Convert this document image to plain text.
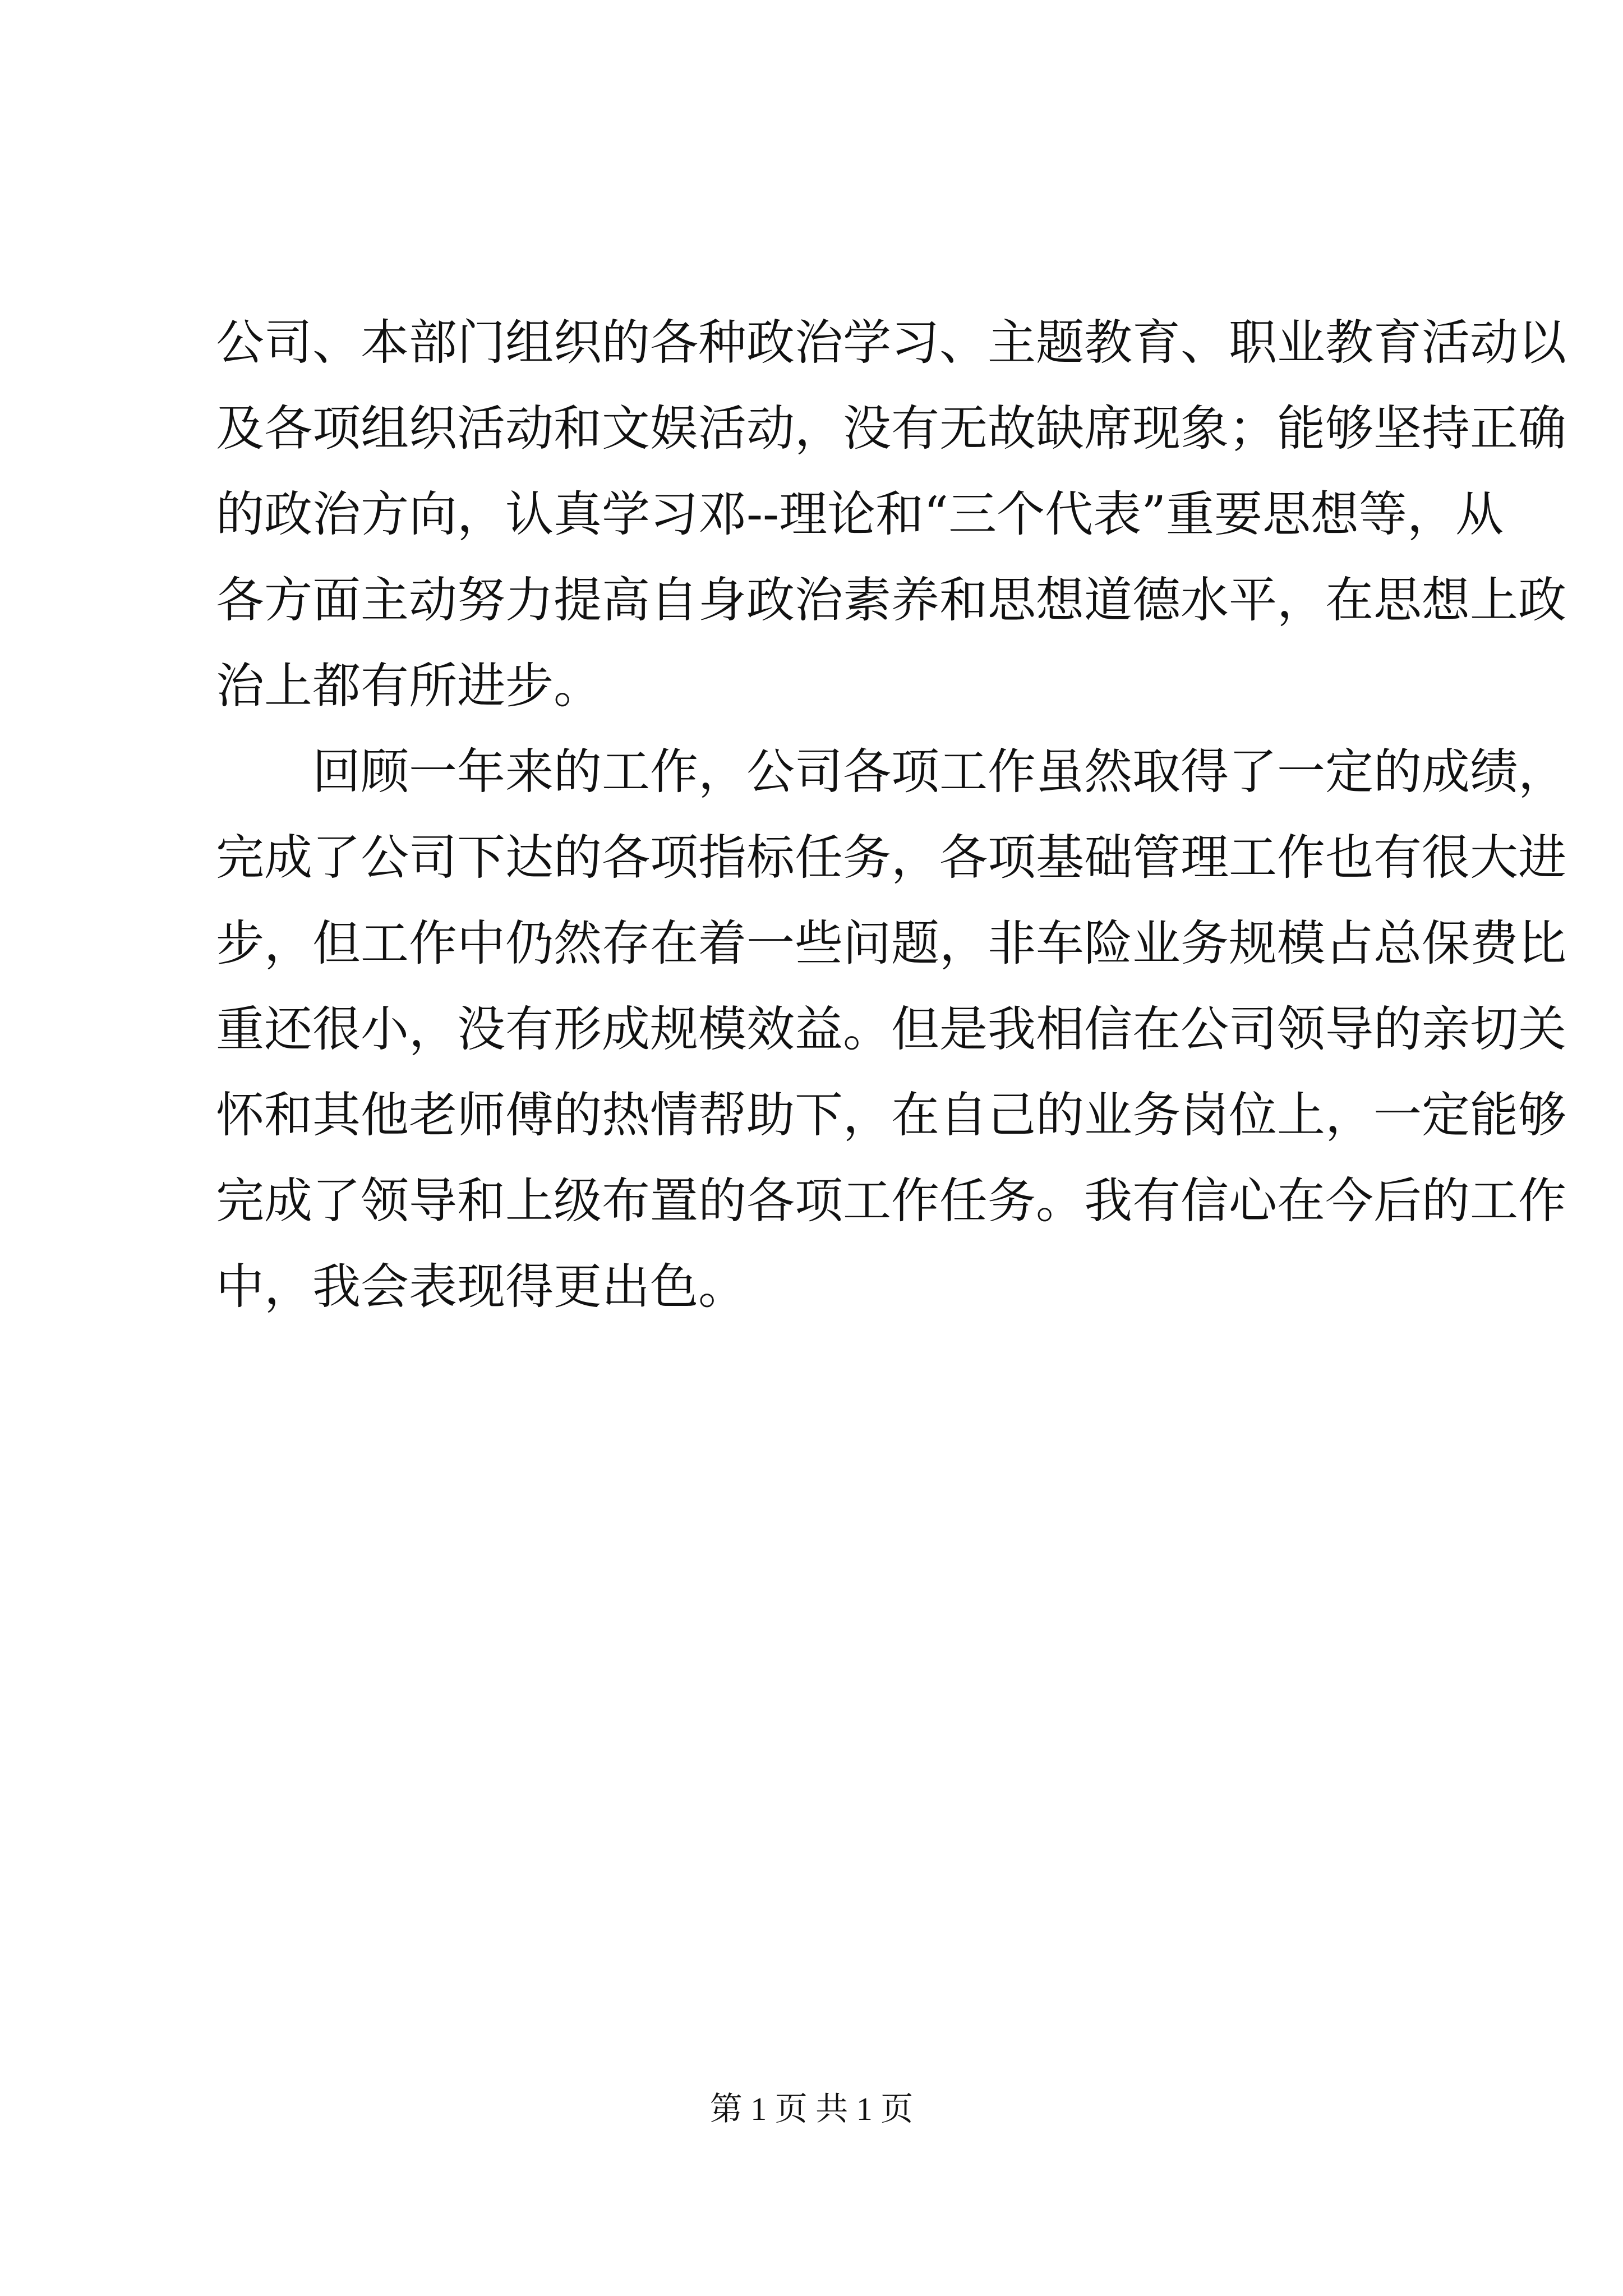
公司、本部门组织的各种政治学习、主题教育、职业教育活动以
及各项组织活动和文娱活动，没有无故缺席现象；能够坚持正确
的政治方向，认真学习邓--理论和“三个代表”重要思想等，从
各方面主动努力提高自身政治素养和思想道德水平，在思想上政
治上都有所进步。
回顾一年来的工作，公司各项工作虽然取得了一定的成绩，
完成了公司下达的各项指标任务，各项基础管理工作也有很大进
步，但工作中仍然存在着一些问题，非车险业务规模占总保费比
重还很小，没有形成规模效益。但是我相信在公司领导的亲切关
怀和其他老师傅的热情帮助下，在自己的业务岗位上，一定能够
完成了领导和上级布置的各项工作任务。我有信心在今后的工作
中，我会表现得更出色。
第 1 页 共 1 页
